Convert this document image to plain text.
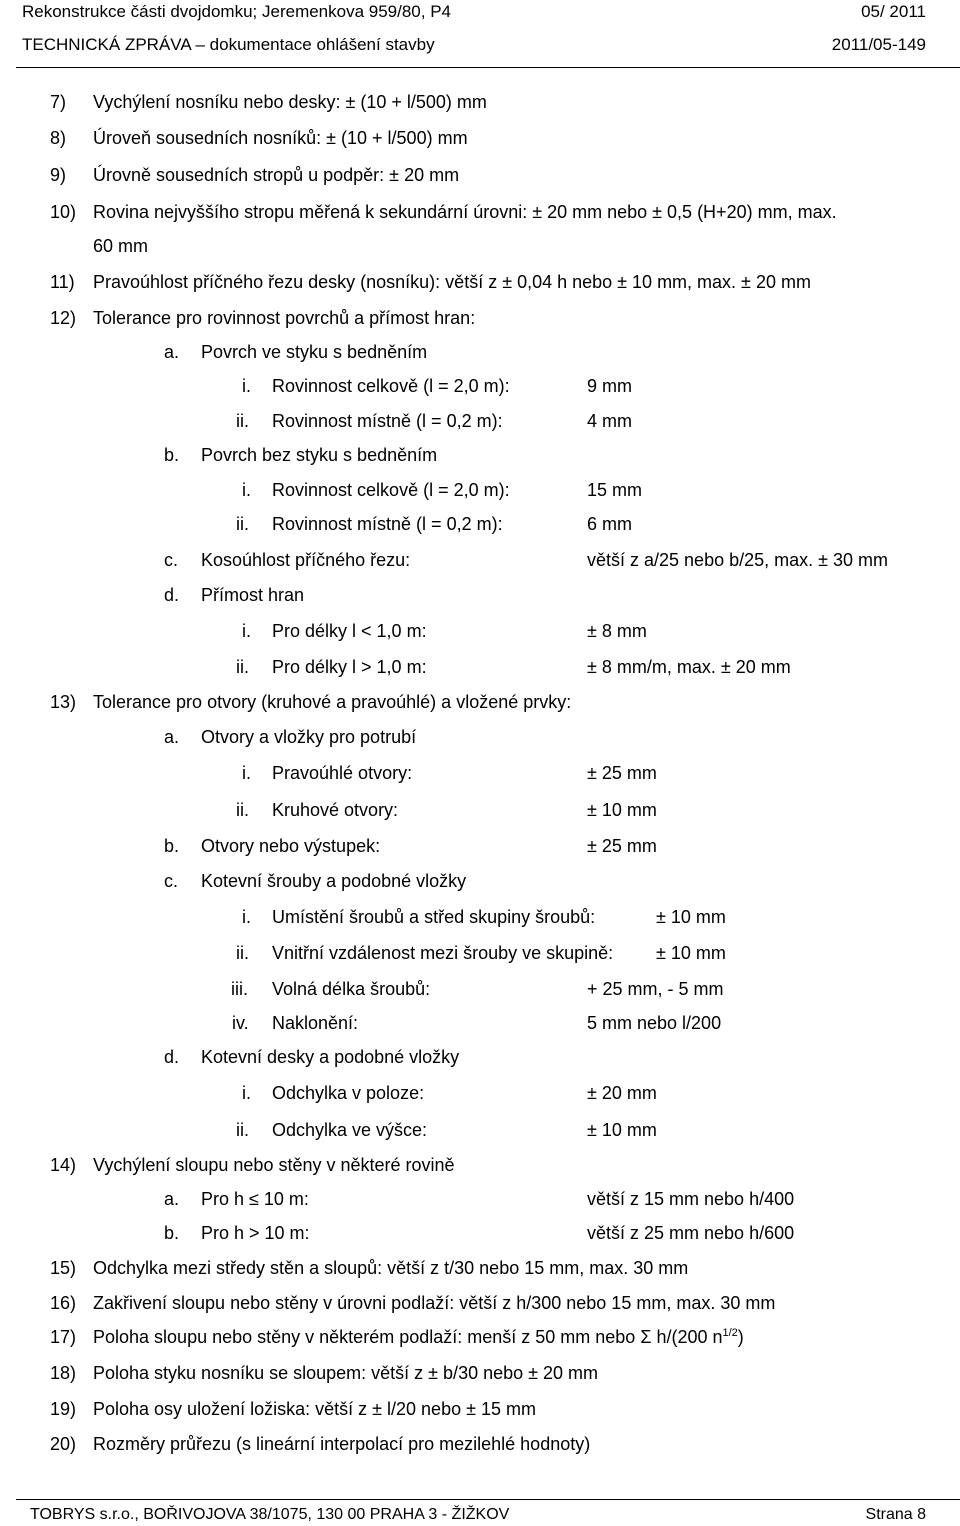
Rekonstrukce části dvojdomku; Jeremenkova 959/80, P4	05/ 2011
TECHNICKÁ ZPRÁVA – dokumentace ohlášení stavby	2011/05-149
7) Vychýlení nosníku nebo desky: ± (10 + l/500) mm
8) Úroveň sousedních nosníků: ± (10 + l/500) mm
9) Úrovně sousedních stropů u podpěr: ± 20 mm
10) Rovina nejvyššího stropu měřená k sekundární úrovni: ± 20 mm nebo ± 0,5 (H+20) mm, max.
60 mm
11) Pravoúhlost příčného řezu desky (nosníku): větší z ± 0,04 h nebo ± 10 mm, max. ± 20 mm
12) Tolerance pro rovinnost povrchů a přímost hran:
a. Povrch ve styku s bedněním
i. Rovinnost celkově (l = 2,0 m):	9 mm
ii. Rovinnost místně (l = 0,2 m):	4 mm
b. Povrch bez styku s bedněním
i. Rovinnost celkově (l = 2,0 m):	15 mm
ii. Rovinnost místně (l = 0,2 m):	6 mm
c. Kosoúhlost příčného řezu:	větší z a/25 nebo b/25, max. ± 30 mm
d. Přímost hran
i. Pro délky l < 1,0 m:	± 8 mm
ii. Pro délky l > 1,0 m:	± 8 mm/m, max. ± 20 mm
13) Tolerance pro otvory (kruhové a pravoúhlé) a vložené prvky:
a. Otvory a vložky pro potrubí
i. Pravoúhlé otvory:	± 25 mm
ii. Kruhové otvory:	± 10 mm
b. Otvory nebo výstupek:	± 25 mm
c. Kotevní šrouby a podobné vložky
i. Umístění šroubů a střed skupiny šroubů:	± 10 mm
ii. Vnitřní vzdálenost mezi šrouby ve skupině: ± 10 mm
iii. Volná délka šroubů:	+ 25 mm, - 5 mm
iv. Naklonění:	5 mm nebo l/200
d. Kotevní desky a podobné vložky
i. Odchylka v poloze:	± 20 mm
ii. Odchylka ve výšce:	± 10 mm
14) Vychýlení sloupu nebo stěny v některé rovině
a. Pro h ≤ 10 m:	větší z 15 mm nebo h/400
b. Pro h > 10 m:	větší z 25 mm nebo h/600
15) Odchylka mezi středy stěn a sloupů: větší z t/30 nebo 15 mm, max. 30 mm
16) Zakřivení sloupu nebo stěny v úrovni podlaží: větší z h/300 nebo 15 mm, max. 30 mm
17) Poloha sloupu nebo stěny v některém podlaží: menší z 50 mm nebo Σ h/(200 $n^{1/2}$)
18) Poloha styku nosníku se sloupem: větší z ± b/30 nebo ± 20 mm
19) Poloha osy uložení ložiska: větší z ± l/20 nebo ± 15 mm
20) Rozměry průřezu (s lineární interpolací pro mezilehlé hodnoty)
TOBRYS s.r.o., BOŘIVOJOVA 38/1075, 130 00 PRAHA 3 - ŽIŽKOV	Strana 8
